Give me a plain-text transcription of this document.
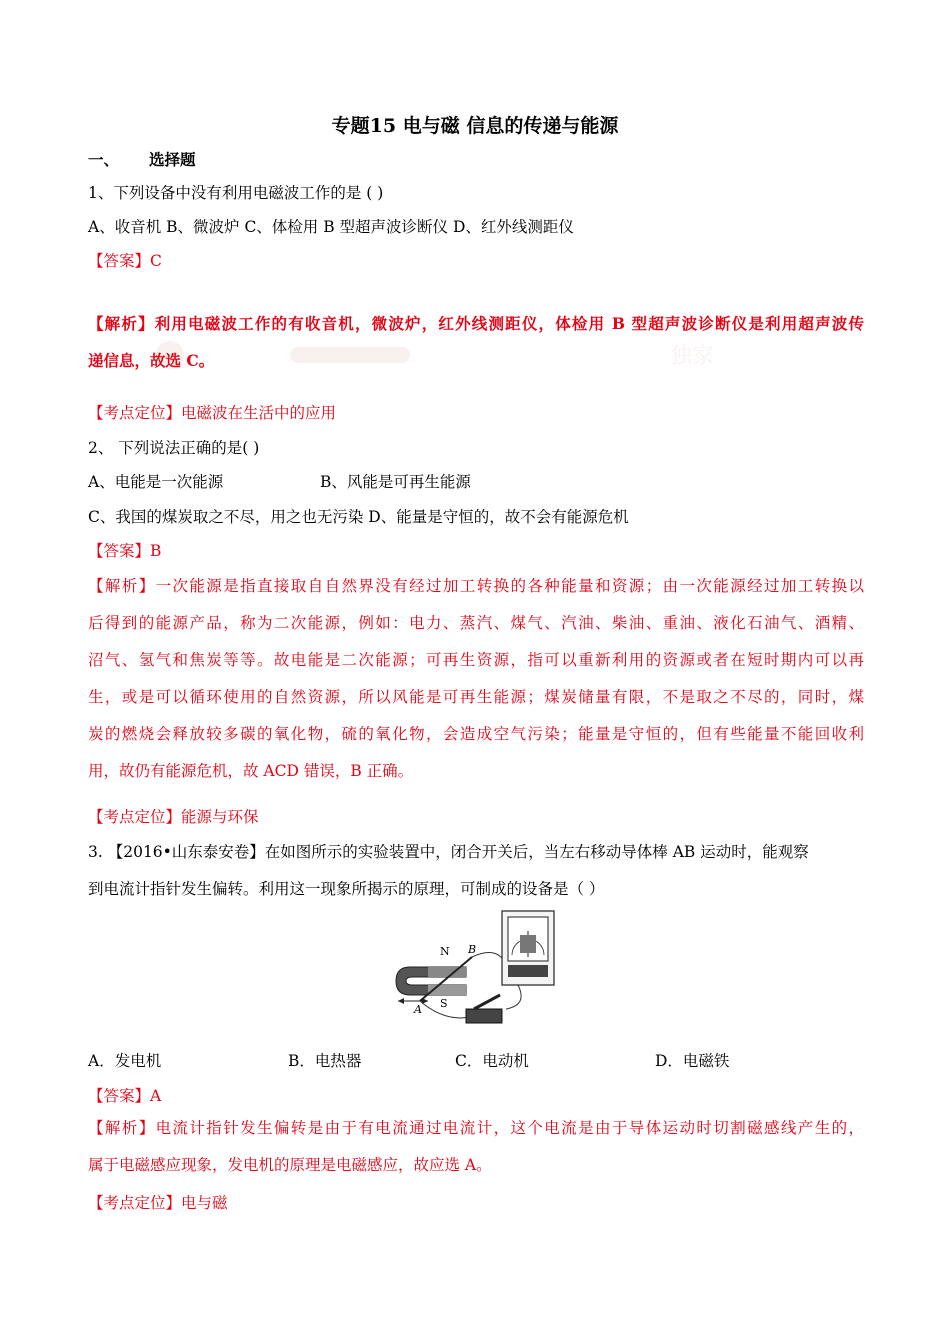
专题15 电与磁 信息的传递与能源
一、 选择题
1、下列设备中没有利用电磁波工作的是 ( )
A、收音机 B、微波炉 C、体检用 B 型超声波诊断仪 D、红外线测距仪
【答案】C
独家

【解析】利用电磁波工作的有收音机，微波炉，红外线测距仪，体检用 B 型超声波诊断仪是利用超声波传

递信息，故选 C。

【考点定位】电磁波在生活中的应用
2、 下列说法正确的是( )
A、电能是一次能源	B、风能是可再生能源
C、我国的煤炭取之不尽，用之也无污染 D、能量是守恒的，故不会有能源危机
【答案】B

【解析】一次能源是指直接取自自然界没有经过加工转换的各种能量和资源；由一次能源经过加工转换以

后得到的能源产品，称为二次能源，例如：电力、蒸汽、煤气、汽油、柴油、重油、液化石油气、酒精、

沼气、氢气和焦炭等等。故电能是二次能源；可再生资源，指可以重新利用的资源或者在短时期内可以再

生，或是可以循环使用的自然资源，所以风能是可再生能源；煤炭储量有限，不是取之不尽的，同时，煤

炭的燃烧会释放较多碳的氧化物，硫的氧化物，会造成空气污染；能量是守恒的，但有些能量不能回收利

用，故仍有能源危机，故 ACD 错误，B 正确。

【考点定位】能源与环保
3. 【2016•山东泰安卷】在如图所示的实验装置中，闭合开关后，当左右移动导体棒 AB 运动时，能观察
到电流计指针发生偏转。利用这一现象所揭示的原理，可制成的设备是（ ）
N B
S
A
A．发电机	B．电热器	C．电动机	D．电磁铁
【答案】A

【解析】电流计指针发生偏转是由于有电流通过电流计，这个电流是由于导体运动时切割磁感线产生的，

属于电磁感应现象，发电机的原理是电磁感应，故应选 A。

【考点定位】电与磁
